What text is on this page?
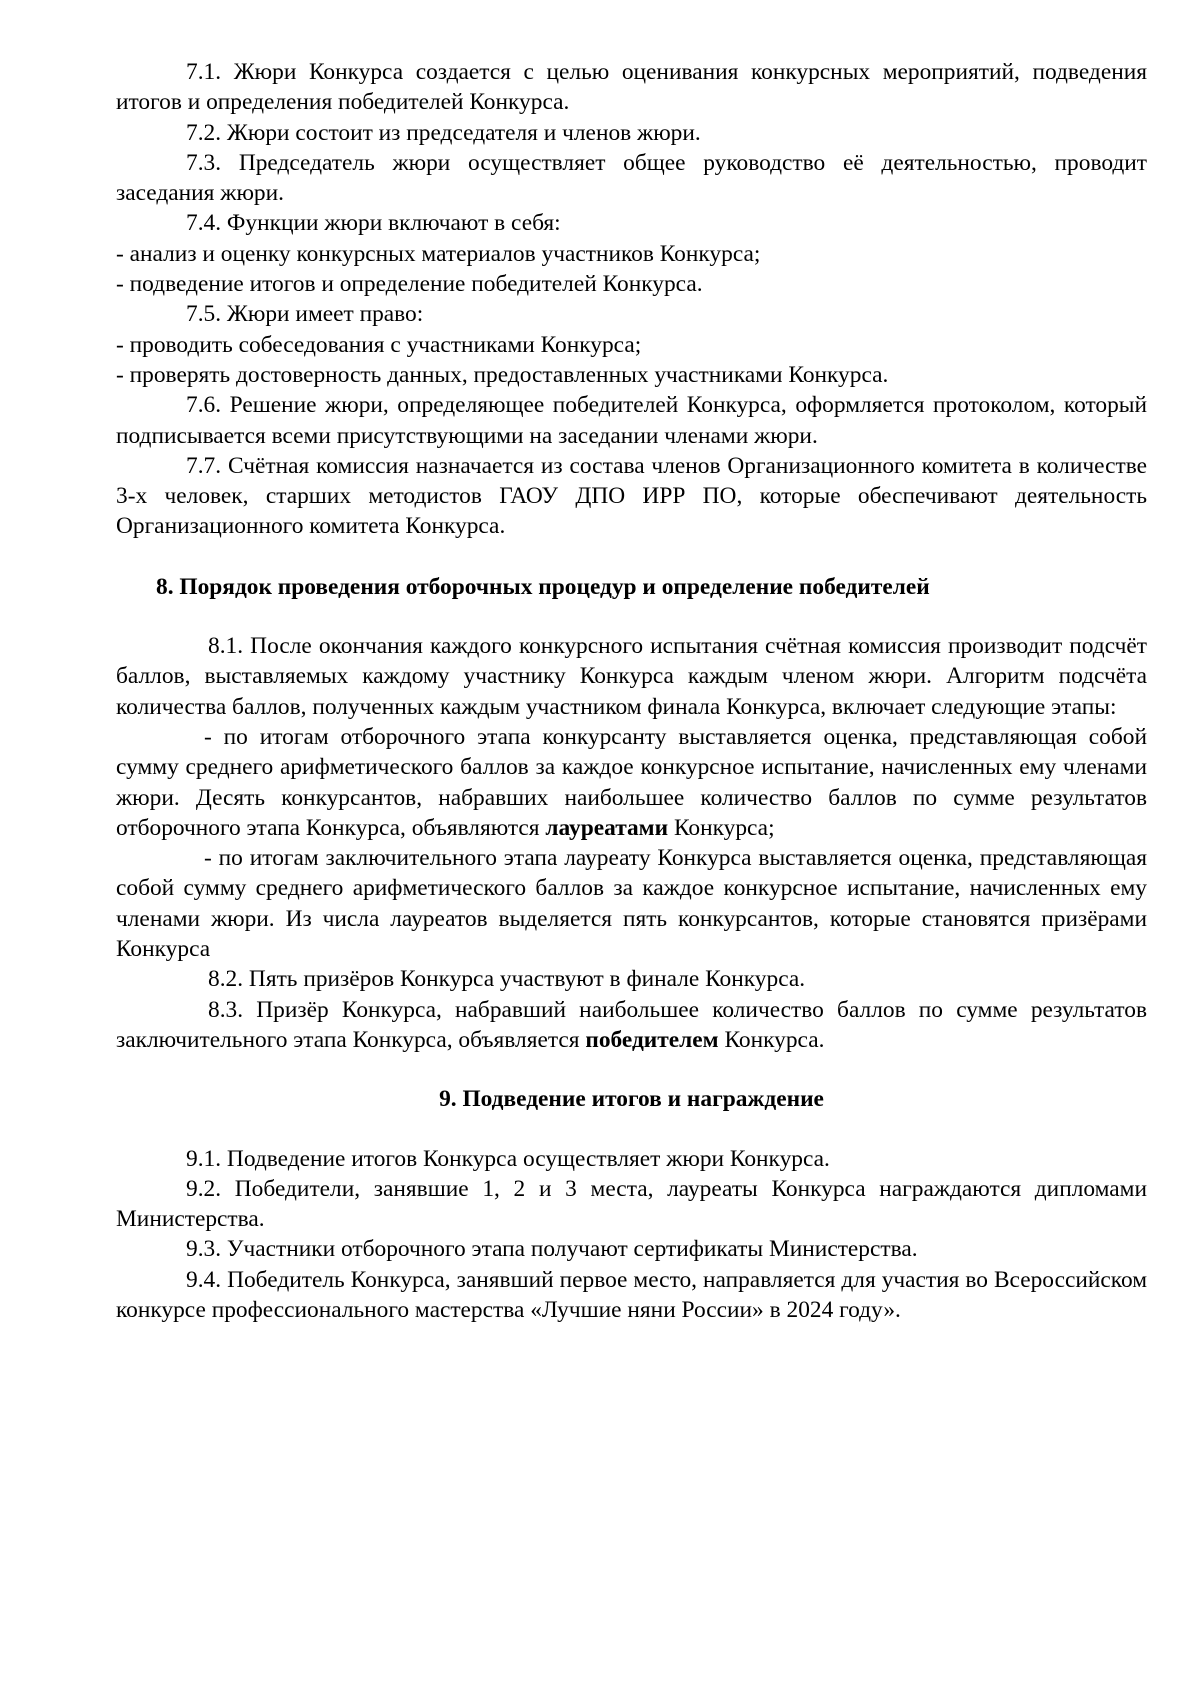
7.1. Жюри Конкурса создается с целью оценивания конкурсных мероприятий, подведения итогов и определения победителей Конкурса.

7.2. Жюри состоит из председателя и членов жюри.

7.3. Председатель жюри осуществляет общее руководство её деятельностью, проводит заседания жюри.

7.4. Функции жюри включают в себя:

- анализ и оценку конкурсных материалов участников Конкурса;

- подведение итогов и определение победителей Конкурса.

7.5. Жюри имеет право:

- проводить собеседования с участниками Конкурса;

- проверять достоверность данных, предоставленных участниками Конкурса.

7.6. Решение жюри, определяющее победителей Конкурса, оформляется протоколом, который подписывается всеми присутствующими на заседании членами жюри.

7.7. Счётная комиссия назначается из состава членов Организационного комитета в количестве 3-х человек, старших методистов ГАОУ ДПО ИРР ПО, которые обеспечивают деятельность Организационного комитета Конкурса.

8. Порядок проведения отборочных процедур и определение победителей

8.1. После окончания каждого конкурсного испытания счётная комиссия производит подсчёт баллов, выставляемых каждому участнику Конкурса каждым членом жюри. Алгоритм подсчёта количества баллов, полученных каждым участником финала Конкурса, включает следующие этапы:

- по итогам отборочного этапа конкурсанту выставляется оценка, представляющая собой сумму среднего арифметического баллов за каждое конкурсное испытание, начисленных ему членами жюри. Десять конкурсантов, набравших наибольшее количество баллов по сумме результатов отборочного этапа Конкурса, объявляются лауреатами Конкурса;

- по итогам заключительного этапа лауреату Конкурса выставляется оценка, представляющая собой сумму среднего арифметического баллов за каждое конкурсное испытание, начисленных ему членами жюри. Из числа лауреатов выделяется пять конкурсантов, которые становятся призёрами Конкурса

8.2. Пять призёров Конкурса участвуют в финале Конкурса.

8.3. Призёр Конкурса, набравший наибольшее количество баллов по сумме результатов заключительного этапа Конкурса, объявляется победителем Конкурса.

9. Подведение итогов и награждение

9.1. Подведение итогов Конкурса осуществляет жюри Конкурса.

9.2. Победители, занявшие 1, 2 и 3 места, лауреаты Конкурса награждаются дипломами Министерства.

9.3. Участники отборочного этапа получают сертификаты Министерства.

9.4. Победитель Конкурса, занявший первое место, направляется для участия во Всероссийском конкурсе профессионального мастерства «Лучшие няни России» в 2024 году».
